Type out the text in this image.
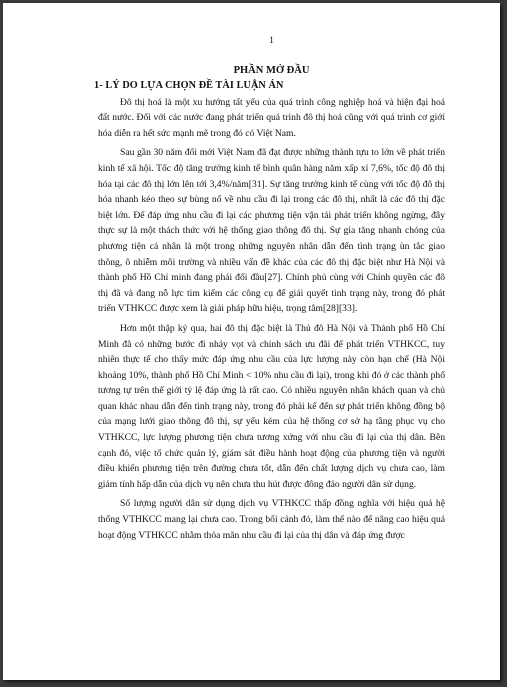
1
PHẦN MỞ ĐẦU
1- LÝ DO LỰA CHỌN ĐỀ TÀI LUẬN ÁN

Đô thị hoá là một xu hướng tất yếu của quá trình công nghiệp hoá và hiện đại hoá đất nước. Đối với các nước đang phát triển quá trình đô thị hoá cũng với quá trình cơ giới hóa diễn ra hết sức mạnh mẽ trong đó có Việt Nam.

Sau gần 30 năm đổi mới Việt Nam đã đạt được những thành tựu to lớn về phát triển kinh tế xã hội. Tốc độ tăng trưởng kinh tế bình quân hàng năm xấp xỉ 7,6%, tốc độ đô thị hóa tại các đô thị lớn lên tới 3,4%/năm[31]. Sự tăng trưởng kinh tế cùng với tốc độ đô thị hóa nhanh kéo theo sự bùng nổ về nhu cầu đi lại trong các đô thị, nhất là các đô thị đặc biệt lớn. Để đáp ứng nhu cầu đi lại các phương tiện vận tải phát triển không ngừng, đây thực sự là một thách thức với hệ thống giao thông đô thị. Sự gia tăng nhanh chóng của phương tiện cá nhân là một trong những nguyên nhân dẫn đến tình trạng ùn tắc giao thông, ô nhiễm môi trường và nhiều vấn đề khác của các đô thị đặc biệt như Hà Nội và thành phố Hồ Chí minh đang phải đối đầu[27]. Chính phủ cùng với Chính quyền các đô thị đã và đang nỗ lực tìm kiếm các công cụ để giải quyết tình trạng này, trong đó phát triển VTHKCC được xem là giải pháp hữu hiệu, trọng tâm[28][33].

Hơn một thập kỷ qua, hai đô thị đặc biệt là Thủ đô Hà Nội và Thành phố Hồ Chí Minh đã có những bước đi nhảy vọt và chính sách ưu đãi để phát triển VTHKCC, tuy nhiên thực tế cho thấy mức đáp ứng nhu cầu của lực lượng này còn hạn chế (Hà Nội khoảng 10%, thành phố Hồ Chí Minh < 10% nhu cầu đi lại), trong khi đó ở các thành phố tương tự trên thế giới tỷ lệ đáp ứng là rất cao. Có nhiều nguyên nhân khách quan và chủ quan khác nhau dẫn đến tình trạng này, trong đó phải kể đến sự phát triển không đồng bộ của mạng lưới giao thông đô thị, sự yếu kém của hệ thống cơ sở hạ tầng phục vụ cho VTHKCC, lực lượng phương tiện chưa tương xứng với nhu cầu đi lại của thị dân. Bên cạnh đó, việc tổ chức quản lý, giám sát điều hành hoạt động của phương tiện và người điều khiển phương tiện trên đường chưa tốt, dẫn đến chất lượng dịch vụ chưa cao, làm giảm tính hấp dẫn của dịch vụ nên chưa thu hút được đông đảo người dân sử dụng.

Số lượng người dân sử dụng dịch vụ VTHKCC thấp đồng nghĩa với hiệu quả hệ thống VTHKCC mang lại chưa cao. Trong bối cảnh đó, làm thế nào để nâng cao hiệu quả hoạt động VTHKCC nhằm thỏa mãn nhu cầu đi lại của thị dân và đáp ứng được
